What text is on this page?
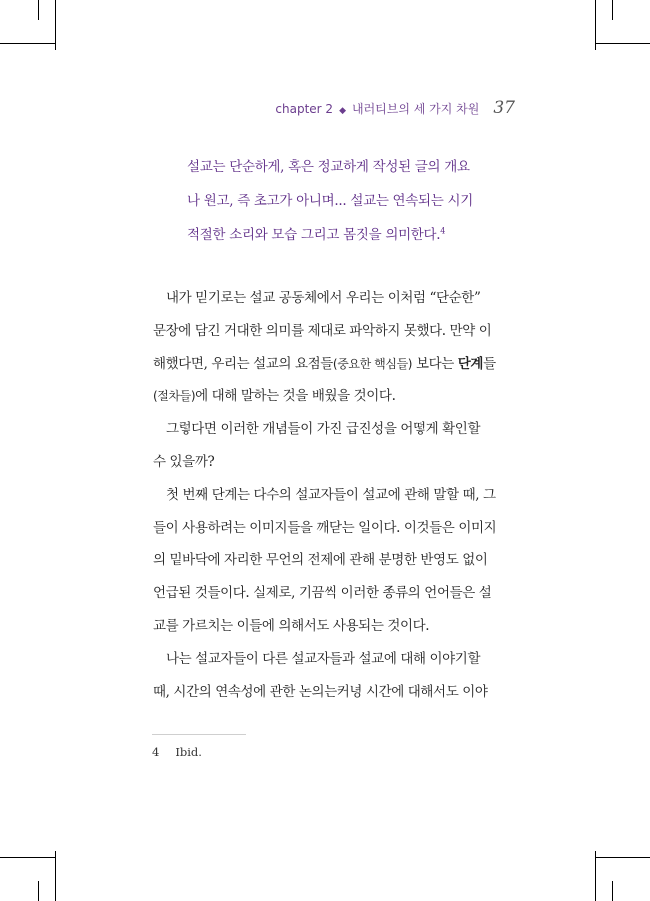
chapter 2 ◆ 내러티브의 세 가지 차원 37
설교는 단순하게, 혹은 정교하게 작성된 글의 개요
나 원고, 즉 초고가 아니며... 설교는 연속되는 시기
적절한 소리와 모습 그리고 몸짓을 의미한다.$^4$
내가 믿기로는 설교 공동체에서 우리는 이처럼 “단순한”
문장에 담긴 거대한 의미를 제대로 파악하지 못했다. 만약 이
해했다면, 우리는 설교의 요점들(중요한 핵심들) 보다는 단계들
(절차들)에 대해 말하는 것을 배웠을 것이다.
그렇다면 이러한 개념들이 가진 급진성을 어떻게 확인할
수 있을까?
첫 번째 단계는 다수의 설교자들이 설교에 관해 말할 때, 그
들이 사용하려는 이미지들을 깨닫는 일이다. 이것들은 이미지
의 밑바닥에 자리한 무언의 전제에 관해 분명한 반영도 없이
언급된 것들이다. 실제로, 기끔씩 이러한 종류의 언어들은 설
교를 가르치는 이들에 의해서도 사용되는 것이다.
나는 설교자들이 다른 설교자들과 설교에 대해 이야기할
때, 시간의 연속성에 관한 논의는커녕 시간에 대해서도 이야
4 Ibid.
